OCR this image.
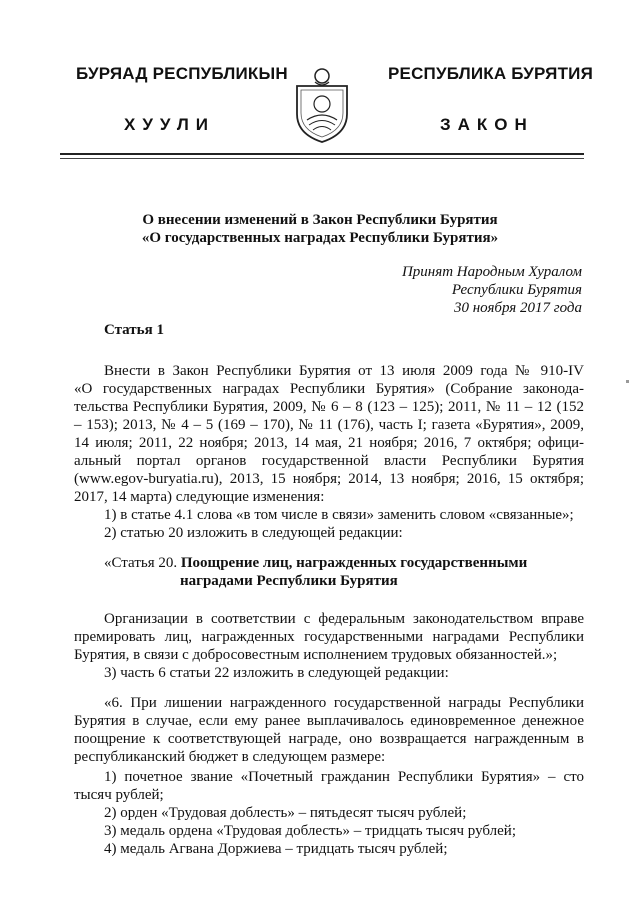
БУРЯАД РЕСПУБЛИКЫН
ХУУЛИ
РЕСПУБЛИКА БУРЯТИЯ
ЗАКОН
О внесении изменений в Закон Республики Бурятия
«О государственных наградах Республики Бурятия»
Принят Народным Хуралом
Республики Бурятия
30 ноября 2017 года
Статья 1
Внести в Закон Республики Бурятия от 13 июля 2009 года № 910-IV
«О государственных наградах Республики Бурятия» (Собрание законода-
тельства Республики Бурятия, 2009, № 6 – 8 (123 – 125); 2011, № 11 – 12 (152
– 153); 2013, № 4 – 5 (169 – 170), № 11 (176), часть I; газета «Бурятия», 2009,
14 июля; 2011, 22 ноября; 2013, 14 мая, 21 ноября; 2016, 7 октября; офици-
альный портал органов государственной власти Республики Бурятия
(www.egov-buryatia.ru), 2013, 15 ноября; 2014, 13 ноября; 2016, 15 октября;
2017, 14 марта) следующие изменения:
1) в статье 4.1 слова «в том числе в связи» заменить словом «связанные»;
2) статью 20 изложить в следующей редакции:
«Статья 20. Поощрение лиц, награжденных государственными
наградами Республики Бурятия
Организации в соответствии с федеральным законодательством вправе
премировать лиц, награжденных государственными наградами Республики
Бурятия, в связи с добросовестным исполнением трудовых обязанностей.»;
3) часть 6 статьи 22 изложить в следующей редакции:
«6. При лишении награжденного государственной награды Республики
Бурятия в случае, если ему ранее выплачивалось единовременное денежное
поощрение к соответствующей награде, оно возвращается награжденным в
республиканский бюджет в следующем размере:
1) почетное звание «Почетный гражданин Республики Бурятия» – сто
тысяч рублей;
2) орден «Трудовая доблесть» – пятьдесят тысяч рублей;
3) медаль ордена «Трудовая доблесть» – тридцать тысяч рублей;
4) медаль Агвана Доржиева – тридцать тысяч рублей;
